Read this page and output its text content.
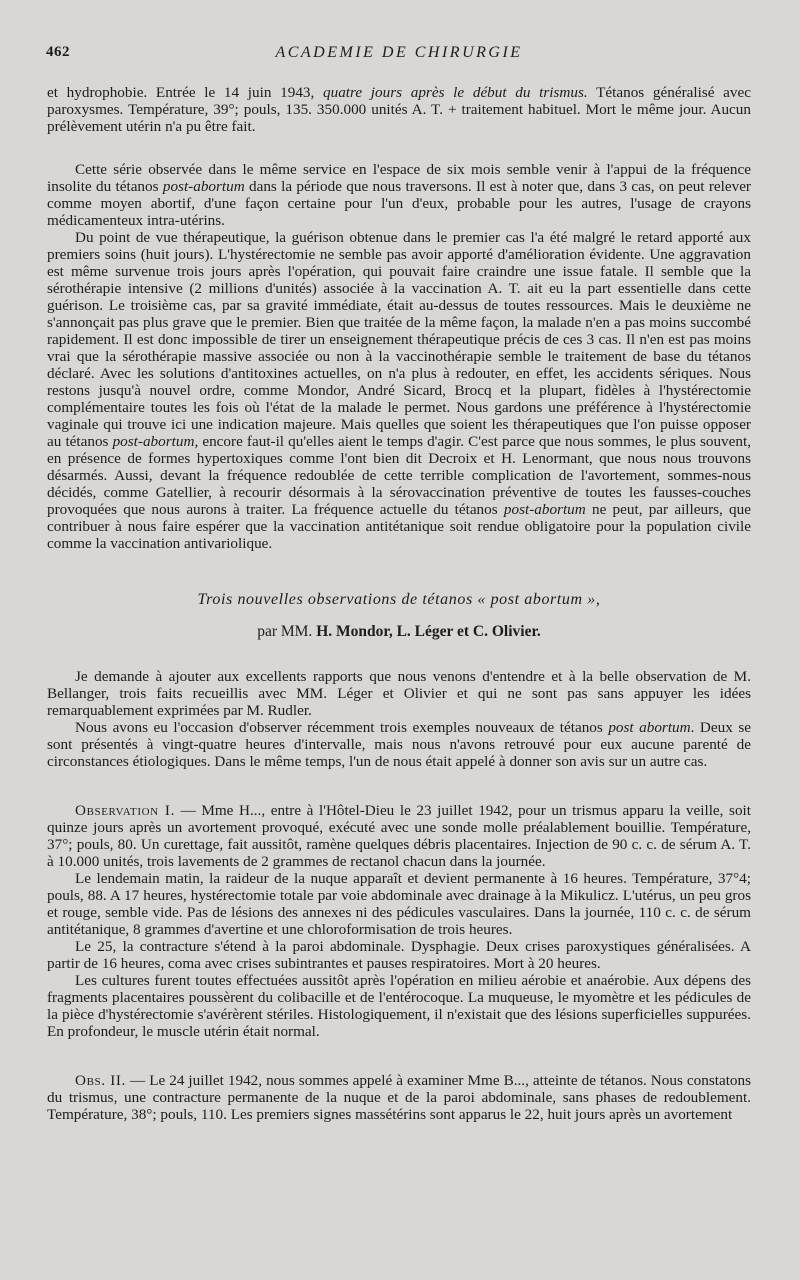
462	ACADEMIE DE CHIRURGIE

et hydrophobie. Entrée le 14 juin 1943, quatre jours après le début du trismus. Tétanos généralisé avec paroxysmes. Température, 39°; pouls, 135. 350.000 unités A. T. + traitement habituel. Mort le même jour. Aucun prélèvement utérin n'a pu être fait.

Cette série observée dans le même service en l'espace de six mois semble venir à l'appui de la fréquence insolite du tétanos post-abortum dans la période que nous traversons. Il est à noter que, dans 3 cas, on peut relever comme moyen abortif, d'une façon certaine pour l'un d'eux, probable pour les autres, l'usage de crayons médicamenteux intra-utérins.

Du point de vue thérapeutique, la guérison obtenue dans le premier cas l'a été malgré le retard apporté aux premiers soins (huit jours). L'hystérectomie ne semble pas avoir apporté d'amélioration évidente. Une aggravation est même survenue trois jours après l'opération, qui pouvait faire craindre une issue fatale. Il semble que la sérothérapie intensive (2 millions d'unités) associée à la vaccination A. T. ait eu la part essentielle dans cette guérison. Le troisième cas, par sa gravité immédiate, était au-dessus de toutes ressources. Mais le deuxième ne s'annonçait pas plus grave que le premier. Bien que traitée de la même façon, la malade n'en a pas moins succombé rapidement. Il est donc impossible de tirer un enseignement thérapeutique précis de ces 3 cas. Il n'en est pas moins vrai que la sérothérapie massive associée ou non à la vaccinothérapie semble le traitement de base du tétanos déclaré. Avec les solutions d'antitoxines actuelles, on n'a plus à redouter, en effet, les accidents sériques. Nous restons jusqu'à nouvel ordre, comme Mondor, André Sicard, Brocq et la plupart, fidèles à l'hystérectomie complémentaire toutes les fois où l'état de la malade le permet. Nous gardons une préférence à l'hystérectomie vaginale qui trouve ici une indication majeure. Mais quelles que soient les thérapeutiques que l'on puisse opposer au tétanos post-abortum, encore faut-il qu'elles aient le temps d'agir. C'est parce que nous sommes, le plus souvent, en présence de formes hypertoxiques comme l'ont bien dit Decroix et H. Lenormant, que nous nous trouvons désarmés. Aussi, devant la fréquence redoublée de cette terrible complication de l'avortement, sommes-nous décidés, comme Gatellier, à recourir désormais à la sérovaccination préventive de toutes les fausses-couches provoquées que nous aurons à traiter. La fréquence actuelle du tétanos post-abortum ne peut, par ailleurs, que contribuer à nous faire espérer que la vaccination antitétanique soit rendue obligatoire pour la population civile comme la vaccination antivariolique.

Trois nouvelles observations de tétanos « post abortum »,

par MM. H. Mondor, L. Léger et C. Olivier.

Je demande à ajouter aux excellents rapports que nous venons d'entendre et à la belle observation de M. Bellanger, trois faits recueillis avec MM. Léger et Olivier et qui ne sont pas sans appuyer les idées remarquablement exprimées par M. Rudler.

Nous avons eu l'occasion d'observer récemment trois exemples nouveaux de tétanos post abortum. Deux se sont présentés à vingt-quatre heures d'intervalle, mais nous n'avons retrouvé pour eux aucune parenté de circonstances étiologiques. Dans le même temps, l'un de nous était appelé à donner son avis sur un autre cas.

Observation I. — Mme H..., entre à l'Hôtel-Dieu le 23 juillet 1942, pour un trismus apparu la veille, soit quinze jours après un avortement provoqué, exécuté avec une sonde molle préalablement bouillie. Température, 37°; pouls, 80. Un curettage, fait aussitôt, ramène quelques débris placentaires. Injection de 90 c. c. de sérum A. T. à 10.000 unités, trois lavements de 2 grammes de rectanol chacun dans la journée.

Le lendemain matin, la raideur de la nuque apparaît et devient permanente à 16 heures. Température, 37°4; pouls, 88. A 17 heures, hystérectomie totale par voie abdominale avec drainage à la Mikulicz. L'utérus, un peu gros et rouge, semble vide. Pas de lésions des annexes ni des pédicules vasculaires. Dans la journée, 110 c. c. de sérum antitétanique, 8 grammes d'avertine et une chloroformisation de trois heures.

Le 25, la contracture s'étend à la paroi abdominale. Dysphagie. Deux crises paroxystiques généralisées. A partir de 16 heures, coma avec crises subintrantes et pauses respiratoires. Mort à 20 heures.

Les cultures furent toutes effectuées aussitôt après l'opération en milieu aérobie et anaérobie. Aux dépens des fragments placentaires poussèrent du colibacille et de l'entérocoque. La muqueuse, le myomètre et les pédicules de la pièce d'hystérectomie s'avérèrent stériles. Histologiquement, il n'existait que des lésions superficielles suppurées. En profondeur, le muscle utérin était normal.

Obs. II. — Le 24 juillet 1942, nous sommes appelé à examiner Mme B..., atteinte de tétanos. Nous constatons du trismus, une contracture permanente de la nuque et de la paroi abdominale, sans phases de redoublement. Température, 38°; pouls, 110. Les premiers signes massétérins sont apparus le 22, huit jours après un avortement
